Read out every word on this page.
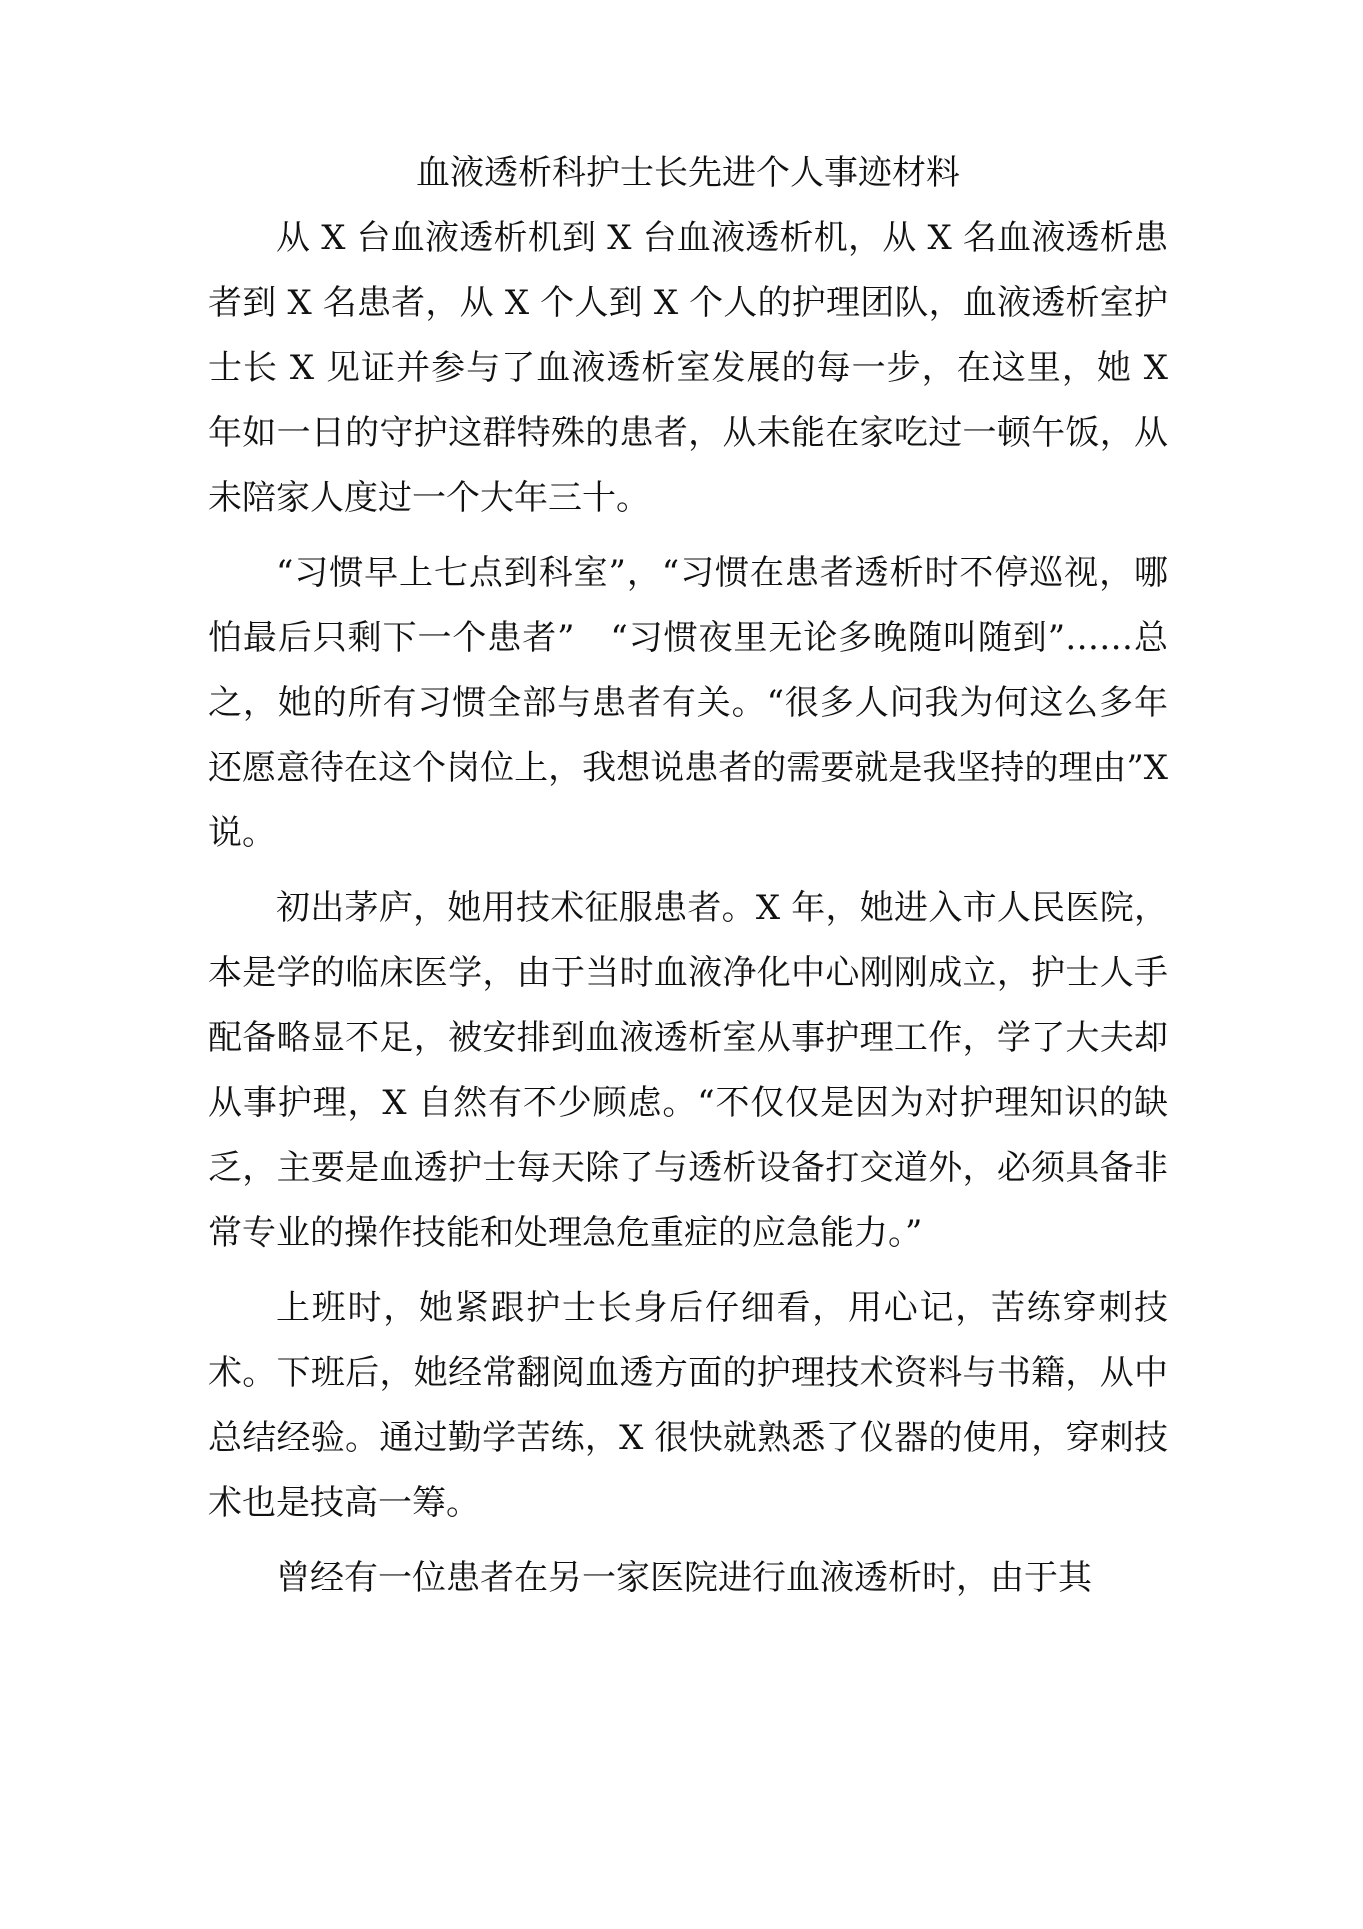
血液透析科护士长先进个人事迹材料

从 X 台血液透析机到 X 台血液透析机，从 X 名血液透析患者到 X 名患者，从 X 个人到 X 个人的护理团队，血液透析室护士长 X 见证并参与了血液透析室发展的每一步，在这里，她 X 年如一日的守护这群特殊的患者，从未能在家吃过一顿午饭，从未陪家人度过一个大年三十。

“习惯早上七点到科室”，“习惯在患者透析时不停巡视，哪怕最后只剩下一个患者”　“习惯夜里无论多晚随叫随到”……总之，她的所有习惯全部与患者有关。“很多人问我为何这么多年还愿意待在这个岗位上，我想说患者的需要就是我坚持的理由”X 说。

初出茅庐，她用技术征服患者。X 年，她进入市人民医院，本是学的临床医学，由于当时血液净化中心刚刚成立，护士人手配备略显不足，被安排到血液透析室从事护理工作，学了大夫却从事护理，X 自然有不少顾虑。“不仅仅是因为对护理知识的缺乏，主要是血透护士每天除了与透析设备打交道外，必须具备非常专业的操作技能和处理急危重症的应急能力。”

上班时，她紧跟护士长身后仔细看，用心记，苦练穿刺技术。下班后，她经常翻阅血透方面的护理技术资料与书籍，从中总结经验。通过勤学苦练，X 很快就熟悉了仪器的使用，穿刺技术也是技高一筹。

曾经有一位患者在另一家医院进行血液透析时，由于其
